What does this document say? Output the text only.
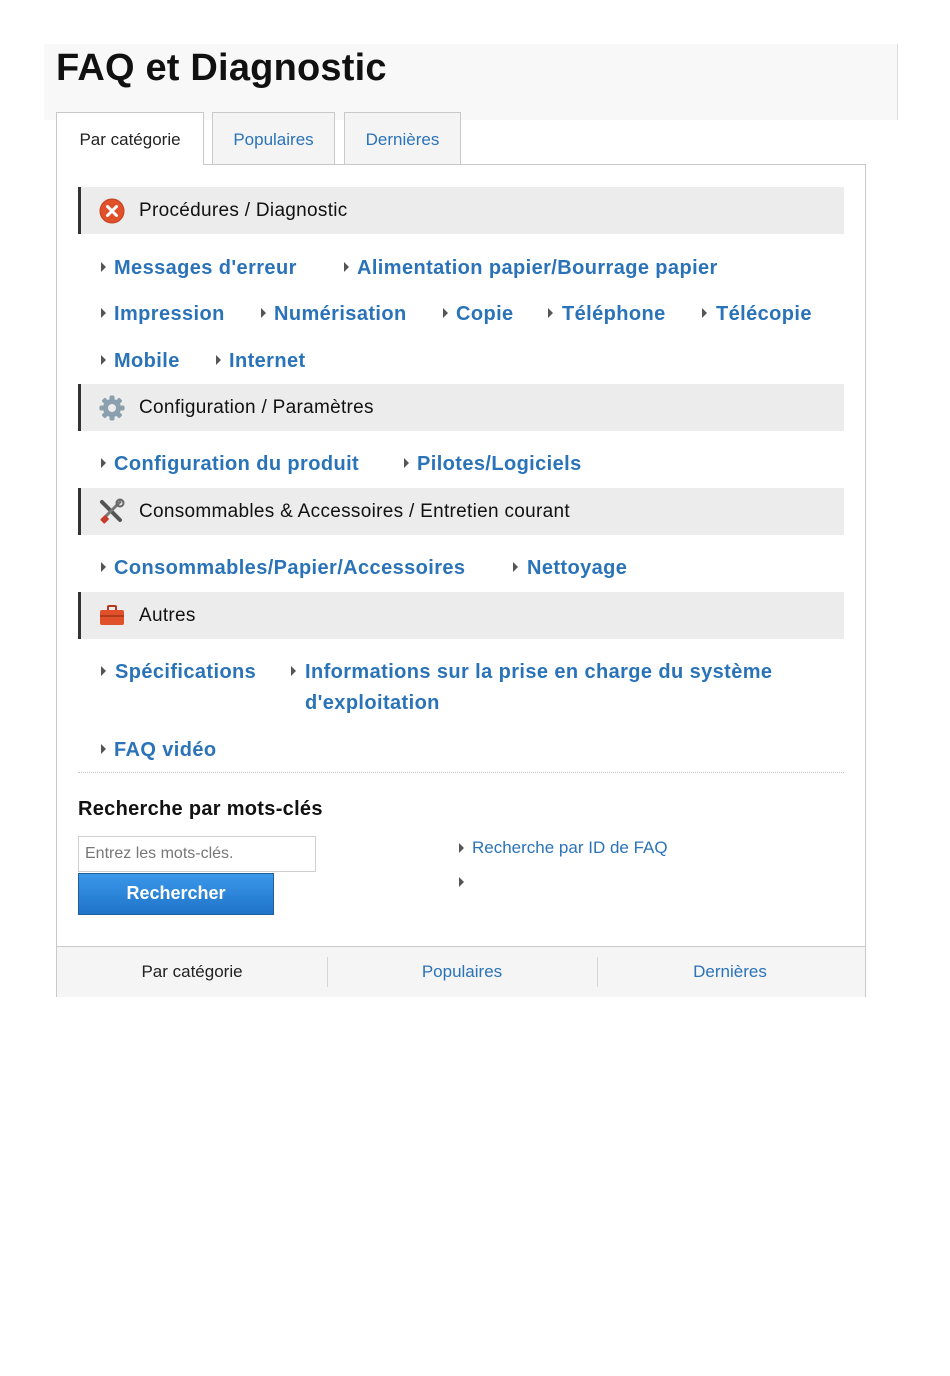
FAQ et Diagnostic
Par catégorie	Populaires	Dernières
Procédures / Diagnostic
Messages d'erreur	Alimentation papier/Bourrage papier
Impression Numérisation Copie Téléphone	Télécopie
Mobile Internet
Configuration / Paramètres
Configuration du produit	Pilotes/Logiciels
Consommables & Accessoires / Entretien courant
Consommables/Papier/Accessoires	Nettoyage
Autres
Spécifications Informations sur la prise en charge du système
d'exploitation
FAQ vidéo
Recherche par mots-clés
Entrez les mots-clés.
Rechercher
Recherche par ID de FAQ
Par catégorie	Populaires	Dernières
